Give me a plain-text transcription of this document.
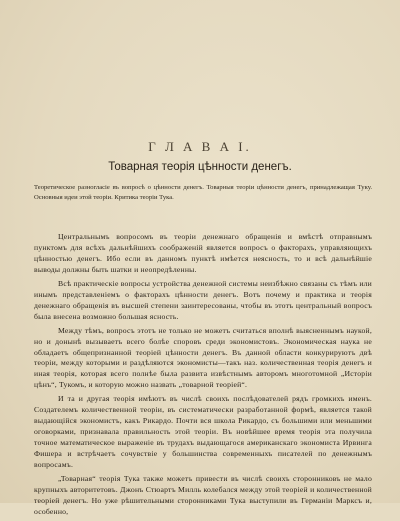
Г Л А В А І.
Товарная теорія цѣнности денегъ.
Теоретическое разногласіе въ вопросѣ о цѣнности денегъ. Товарныя теоріи цѣнности денегъ, принадлежащая Туку. Основныя идеи этой теоріи. Критика теоріи Тука.

Центральнымъ вопросомъ въ теоріи денежнаго обращенія и вмѣстѣ отправнымъ пунктомъ для всѣхъ дальнѣйшихъ соображеній является вопросъ о факторахъ, управляющихъ цѣнностью денегъ. Ибо если въ данномъ пунктѣ имѣется неясность, то и всѣ дальнѣйшіе выводы должны быть шатки и неопредѣленны.

Всѣ практическіе вопросы устройства денежной системы неизбѣжно связаны съ тѣмъ или инымъ представленіемъ о факторахъ цѣнности денегъ. Вотъ почему и практика и теорія денежнаго обращенія въ высшей степени заинтересованы, чтобы въ этотъ центральный вопросъ была внесена возможно большая ясность.

Между тѣмъ, вопросъ этотъ не только не можетъ считаться вполнѣ выясненнымъ наукой, но и донынѣ вызываетъ всего болѣе споровъ среди экономистовъ. Экономическая наука не обладаетъ общепризнанной теоріей цѣнности денегъ. Въ данной области конкурируютъ двѣ теоріи, между которыми и раздѣляются экономисты—такъ наз. количественная теорія денегъ и иная теорія, которая всего полнѣе была развита извѣстнымъ авторомъ многотомной „Исторіи цѣнъ“, Тукомъ, и которую можно назвать „товарной теоріей“.

И та и другая теорія имѣютъ въ числѣ своихъ послѣдователей рядъ громкихъ именъ. Создателемъ количественной теоріи, въ систематически разработанной формѣ, является такой выдающійся экономистъ, какъ Рикардо. Почти вся школа Рикардо, съ большими или меньшими оговорками, признавала правильность этой теоріи. Въ новѣйшее время теорія эта получила точное математическое выраженіе въ трудахъ выдающагося американскаго экономиста Ирвинга Фишера и встрѣчаетъ сочувствіе у большинства современныхъ писателей по денежнымъ воп͏росамъ.

„Товарная“ теорія Тука также можетъ привести въ числѣ своихъ сторонниковъ не мало крупныхъ авторитетовъ. Джонъ Стюартъ Милль колебался между этой теоріей и количественной теоріей денегъ. Но уже рѣшительными сторонниками Тука выступили въ Германіи Марксъ и, особенно,
